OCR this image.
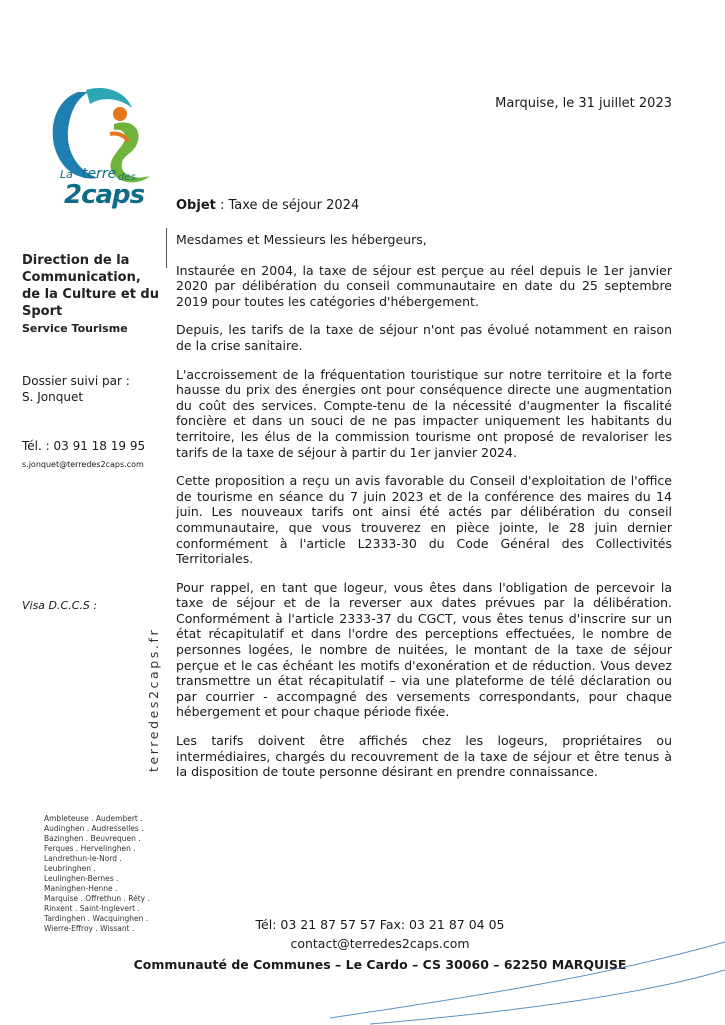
La
2caps
terre des
Marquise, le 31 juillet 2023
Objet : Taxe de séjour 2024
Direction de la Communication, de la Culture et du Sport
Service Tourisme
Dossier suivi par :
S. Jonquet
Tél. : 03 91 18 19 95
s.jonquet@terredes2caps.com
Visa D.C.C.S :
terredes2caps.fr
Ambleteuse . Audembert .
Audinghen . Audresselles .
Bazinghen . Beuvrequen .
Ferques . Hervelinghen .
Landrethun-le-Nord .
Leubringhen .
Leulinghen-Bernes .
Maninghen-Henne .
Marquise . Offrethun . Réty .
Rinxent . Saint-Inglevert .
Tardinghen . Wacquinghen .
Wierre-Effroy . Wissant .

Mesdames et Messieurs les hébergeurs,

Instaurée en 2004, la taxe de séjour est perçue au réel depuis le 1er janvier 2020 par délibération du conseil communautaire en date du 25 septembre 2019 pour toutes les catégories d'hébergement.

Depuis, les tarifs de la taxe de séjour n'ont pas évolué notamment en raison de la crise sanitaire.

L'accroissement de la fréquentation touristique sur notre territoire et la forte hausse du prix des énergies ont pour conséquence directe une augmentation du coût des services. Compte-tenu de la nécessité d'augmenter la fiscalité foncière et dans un souci de ne pas impacter uniquement les habitants du territoire, les élus de la commission tourisme ont proposé de revaloriser les tarifs de la taxe de séjour à partir du 1er janvier 2024.

Cette proposition a reçu un avis favorable du Conseil d'exploitation de l'office de tourisme en séance du 7 juin 2023 et de la conférence des maires du 14 juin. Les nouveaux tarifs ont ainsi été actés par délibération du conseil communautaire, que vous trouverez en pièce jointe, le 28 juin dernier conformément à l'article L2333-30 du Code Général des Collectivités Territoriales.

Pour rappel, en tant que logeur, vous êtes dans l'obligation de percevoir la taxe de séjour et de la reverser aux dates prévues par la délibération. Conformément à l'article 2333-37 du CGCT, vous êtes tenus d'inscrire sur un état récapitulatif et dans l'ordre des perceptions effectuées, le nombre de personnes logées, le nombre de nuitées, le montant de la taxe de séjour perçue et le cas échéant les motifs d'exonération et de réduction. Vous devez transmettre un état récapitulatif – via une plateforme de télé déclaration ou par courrier - accompagné des versements correspondants, pour chaque hébergement et pour chaque période fixée.

Les tarifs doivent être affichés chez les logeurs, propriétaires ou intermédiaires, chargés du recouvrement de la taxe de séjour et être tenus à la disposition de toute personne désirant en prendre connaissance.

Tél: 03 21 87 57 57 Fax: 03 21 87 04 05
contact@terredes2caps.com
Communauté de Communes – Le Cardo – CS 30060 – 62250 MARQUISE
